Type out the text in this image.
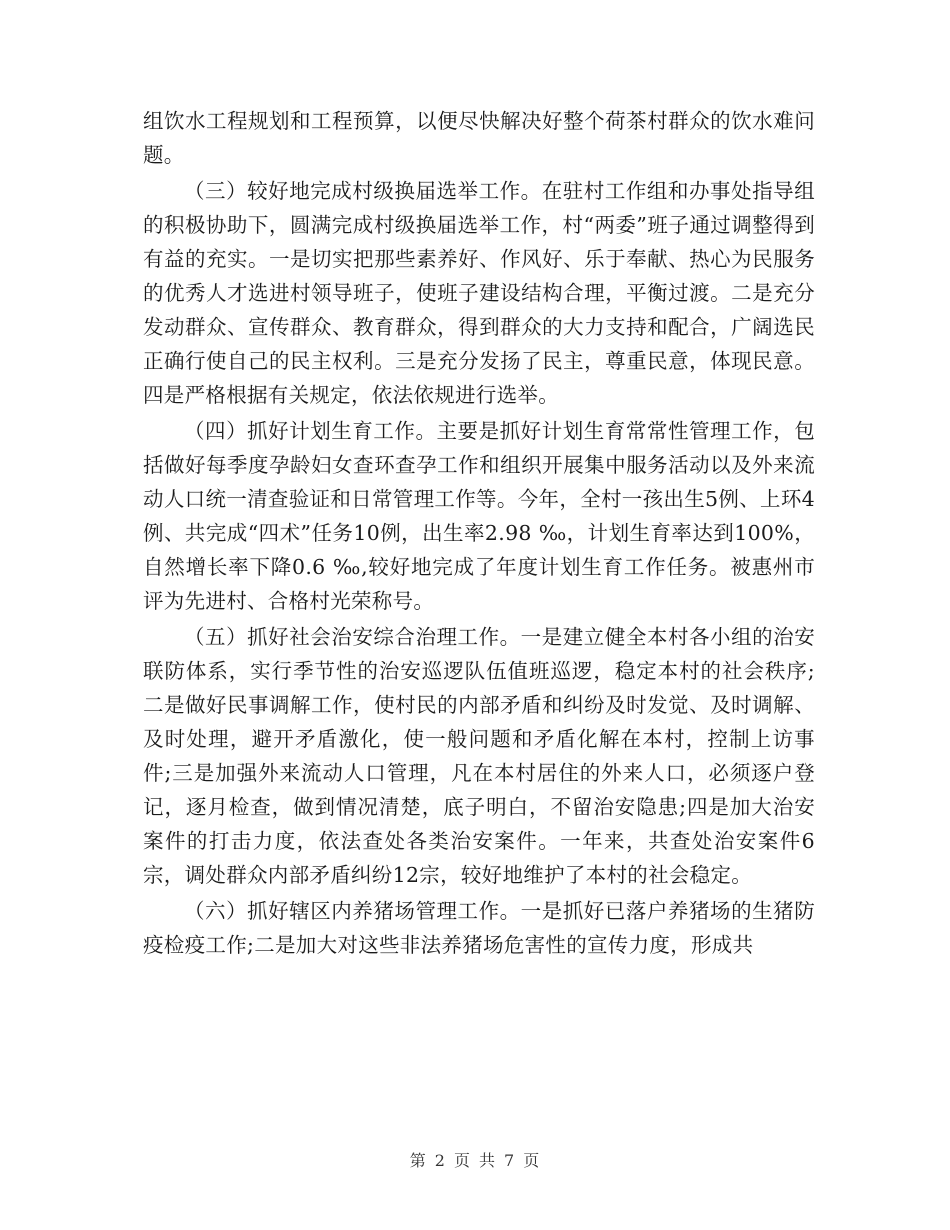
组饮水工程规划和工程预算，以便尽快解决好整个荷茶村群众的饮水难问题。

（三）较好地完成村级换届选举工作。在驻村工作组和办事处指导组的积极协助下，圆满完成村级换届选举工作，村“两委”班子通过调整得到有益的充实。一是切实把那些素养好、作风好、乐于奉献、热心为民服务的优秀人才选进村领导班子，使班子建设结构合理，平衡过渡。二是充分发动群众、宣传群众、教育群众，得到群众的大力支持和配合，广阔选民正确行使自己的民主权利。三是充分发扬了民主，尊重民意，体现民意。四是严格根据有关规定，依法依规进行选举。

（四）抓好计划生育工作。主要是抓好计划生育常常性管理工作，包括做好每季度孕龄妇女查环查孕工作和组织开展集中服务活动以及外来流动人口统一清查验证和日常管理工作等。今年，全村一孩出生5例、上环4例、共完成“四术”任务10例，出生率2.98 ‰，计划生育率达到100%，自然增长率下降0.6 ‰,较好地完成了年度计划生育工作任务。被惠州市评为先进村、合格村光荣称号。

（五）抓好社会治安综合治理工作。一是建立健全本村各小组的治安联防体系，实行季节性的治安巡逻队伍值班巡逻，稳定本村的社会秩序;二是做好民事调解工作，使村民的内部矛盾和纠纷及时发觉、及时调解、及时处理，避开矛盾激化，使一般问题和矛盾化解在本村，控制上访事件;三是加强外来流动人口管理，凡在本村居住的外来人口，必须逐户登记，逐月检查，做到情况清楚，底子明白，不留治安隐患;四是加大治安案件的打击力度，依法查处各类治安案件。一年来，共查处治安案件6宗，调处群众内部矛盾纠纷12宗，较好地维护了本村的社会稳定。

（六）抓好辖区内养猪场管理工作。一是抓好已落户养猪场的生猪防疫检疫工作;二是加大对这些非法养猪场危害性的宣传力度，形成共

第 2 页 共 7 页
